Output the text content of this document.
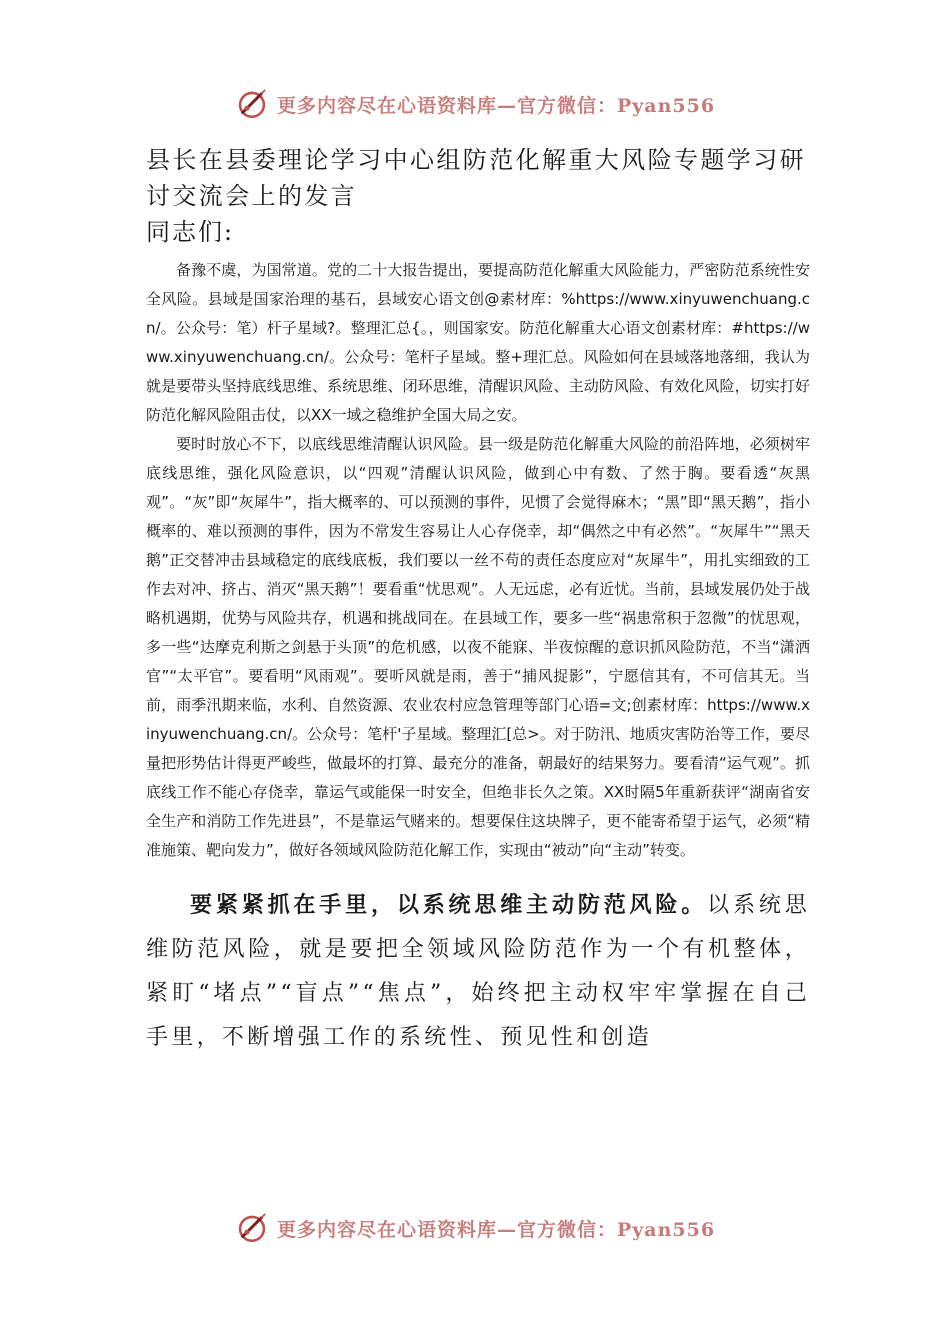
更多内容尽在心语资料库—官方微信：Pyan556
县长在县委理论学习中心组防范化解重大风险专题学习研讨交流会上的发言

同志们:

备豫不虞，为国常道。党的二十大报告提出，要提高防范化解重大风险能力，严密防范系统性安全风险。县域是国家治理的基石，县域安心语文创@素材库：%https://www.xinyuwenchuang.cn/。公众号：笔）杆子星域?。整理汇总{。，则国家安。防范化解重大心语文创素材库：#https://www.xinyuwenchuang.cn/。公众号：笔杆子星域。整+理汇总。风险如何在县域落地落细，我认为就是要带头坚持底线思维、系统思维、闭环思维，清醒识风险、主动防风险、有效化风险，切实打好防范化解风险阻击仗，以XX一域之稳维护全国大局之安。

要时时放心不下，以底线思维清醒认识风险。县一级是防范化解重大风险的前沿阵地，必须树牢底线思维，强化风险意识，以“四观”清醒认识风险，做到心中有数、了然于胸。要看透“灰黑观”。“灰”即“灰犀牛”，指大概率的、可以预测的事件，见惯了会觉得麻木；“黑”即“黑天鹅”，指小概率的、难以预测的事件，因为不常发生容易让人心存侥幸，却“偶然之中有必然”。“灰犀牛”“黑天鹅”正交替冲击县域稳定的底线底板，我们要以一丝不苟的责任态度应对“灰犀牛”，用扎实细致的工作去对冲、挤占、消灭“黑天鹅”！要看重“忧思观”。人无远虑，必有近忧。当前，县域发展仍处于战略机遇期，优势与风险共存，机遇和挑战同在。在县域工作，要多一些“祸患常积于忽微”的忧思观，多一些“达摩克利斯之剑悬于头顶”的危机感，以夜不能寐、半夜惊醒的意识抓风险防范，不当“潇洒官”“太平官”。要看明“风雨观”。要听风就是雨，善于“捕风捉影”，宁愿信其有，不可信其无。当前，雨季汛期来临，水利、自然资源、农业农村应急管理等部门心语=文;创素材库：https://www.xinyuwenchuang.cn/。公众号：笔杆'子星域。整理汇[总>。对于防汛、地质灾害防治等工作，要尽量把形势估计得更严峻些，做最坏的打算、最充分的准备，朝最好的结果努力。要看清“运气观”。抓底线工作不能心存侥幸，靠运气或能保一时安全，但绝非长久之策。XX时隔5年重新获评“湖南省安全生产和消防工作先进县”，不是靠运气赌来的。想要保住这块牌子，更不能寄希望于运气，必须“精准施策、靶向发力”，做好各领域风险防范化解工作，实现由“被动”向“主动”转变。

要紧紧抓在手里，以系统思维主动防范风险。以系统思维防范风险，就是要把全领域风险防范作为一个有机整体，紧盯“堵点”“盲点”“焦点”，始终把主动权牢牢掌握在自己手里，不断增强工作的系统性、预见性和创造

更多内容尽在心语资料库—官方微信：Pyan556
